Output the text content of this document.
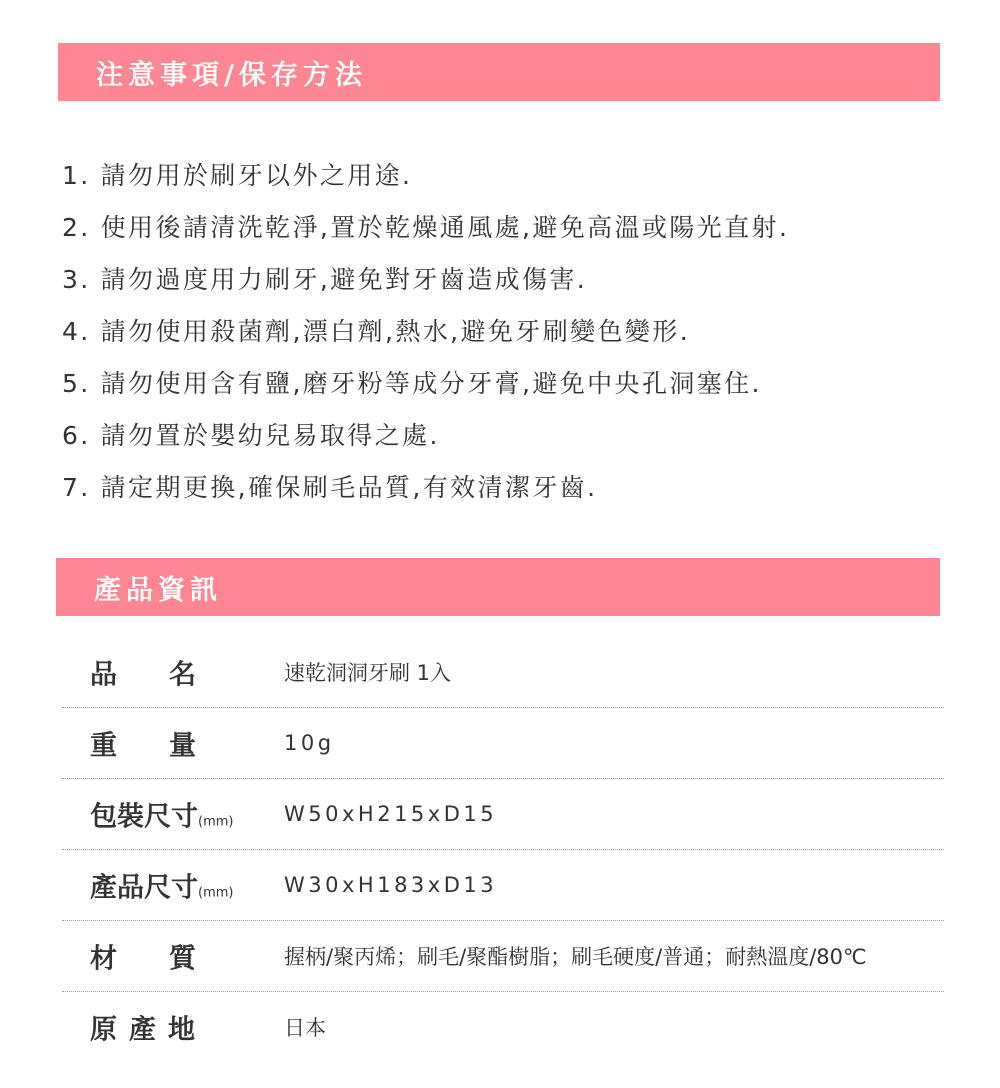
注意事項/保存方法
1. 請勿用於刷牙以外之用途.
2. 使用後請清洗乾淨,置於乾燥通風處,避免高溫或陽光直射.
3. 請勿過度用力刷牙,避免對牙齒造成傷害.
4. 請勿使用殺菌劑,漂白劑,熱水,避免牙刷變色變形.
5. 請勿使用含有鹽,磨牙粉等成分牙膏,避免中央孔洞塞住.
6. 請勿置於嬰幼兒易取得之處.
7. 請定期更換,確保刷毛品質,有效清潔牙齒.
產品資訊
品名 速乾洞洞牙刷 1入
重量 10g
包裝尺寸(mm) W50xH215xD15
產品尺寸(mm) W30xH183xD13
材質 握柄/聚丙烯；刷毛/聚酯樹脂；刷毛硬度/普通；耐熱溫度/80℃
原產地	日本
